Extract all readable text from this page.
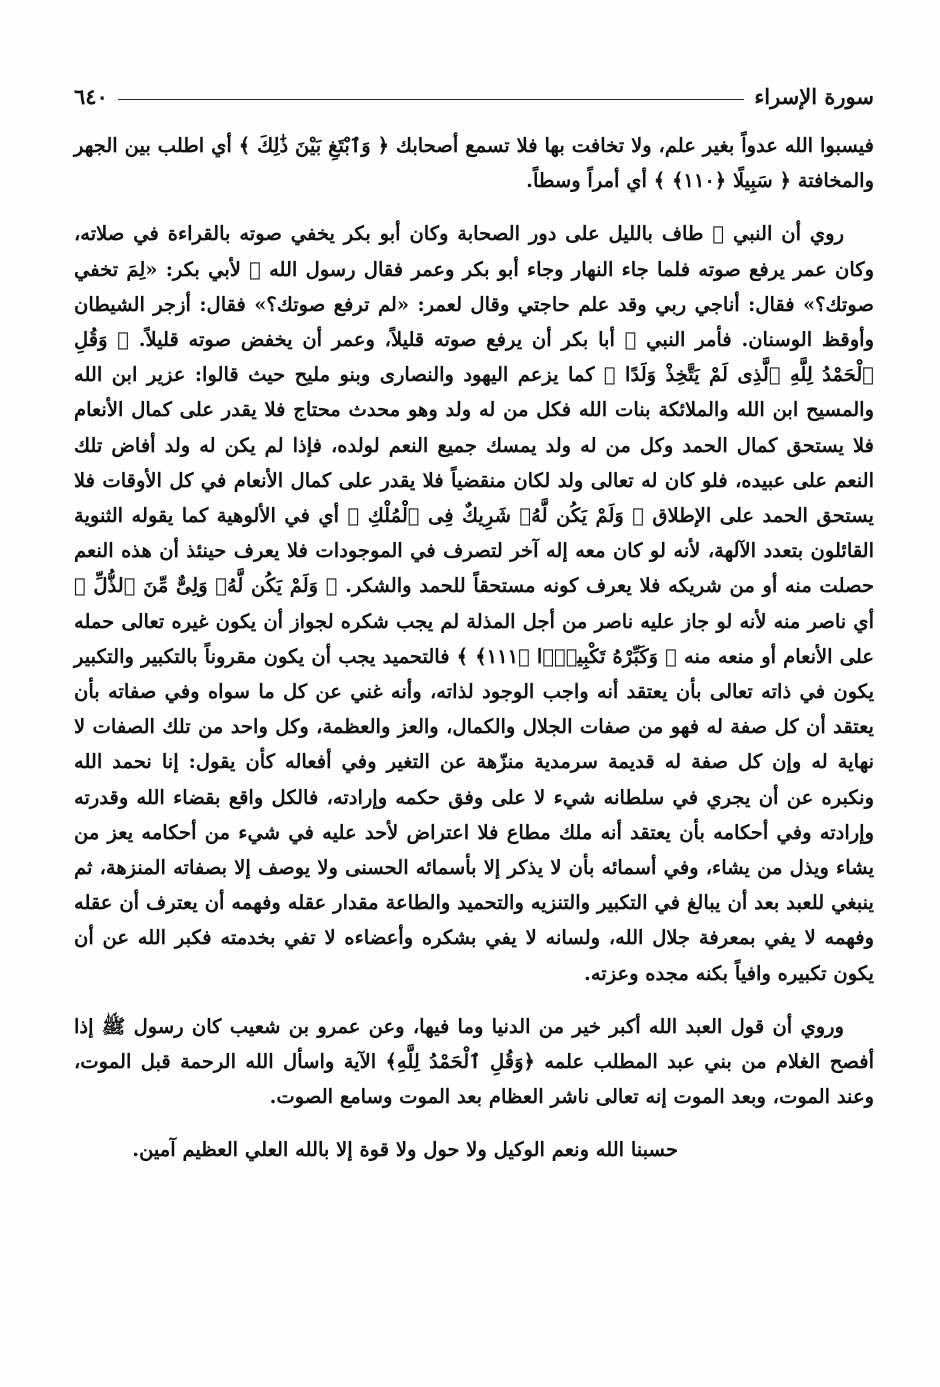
سورة الإسراء
٦٤٠

فيسبوا الله عدواً بغير علم، ولا تخافت بها فلا تسمع أصحابك ﴿ وَٱبْتَغِ بَيْنَ ذَٰلِكَ ﴾ أي اطلب بين الجهر والمخافتة ﴿ سَبِيلًا ﴿١١٠﴾ ﴾ أي أمراً وسطاً.

روي أن النبي ﷺ طاف بالليل على دور الصحابة وكان أبو بكر يخفي صوته بالقراءة في صلاته، وكان عمر يرفع صوته فلما جاء النهار وجاء أبو بكر وعمر فقال رسول الله ﷺ لأبي بكر: «لِمَ تخفي صوتك؟» فقال: أناجي ربي وقد علم حاجتي وقال لعمر: «لم ترفع صوتك؟» فقال: أزجر الشيطان وأوقظ الوسنان. فأمر النبي ﷺ أبا بكر أن يرفع صوته قليلاً، وعمر أن يخفض صوته قليلاً. ﴿ وَقُلِ ٱلْحَمْدُ لِلَّهِ ٱلَّذِى لَمْ يَتَّخِذْ وَلَدًا ﴾ كما يزعم اليهود والنصارى وبنو مليح حيث قالوا: عزير ابن الله والمسيح ابن الله والملائكة بنات الله فكل من له ولد وهو محدث محتاج فلا يقدر على كمال الأنعام فلا يستحق كمال الحمد وكل من له ولد يمسك جميع النعم لولده، فإذا لم يكن له ولد أفاض تلك النعم على عبيده، فلو كان له تعالى ولد لكان منقضياً فلا يقدر على كمال الأنعام في كل الأوقات فلا يستحق الحمد على الإطلاق ﴿ وَلَمْ يَكُن لَّهُۥ شَرِيكٌ فِى ٱلْمُلْكِ ﴾ أي في الألوهية كما يقوله الثنوية القائلون بتعدد الآلهة، لأنه لو كان معه إله آخر لتصرف في الموجودات فلا يعرف حينئذ أن هذه النعم حصلت منه أو من شريكه فلا يعرف كونه مستحقاً للحمد والشكر. ﴿ وَلَمْ يَكُن لَّهُۥ وَلِىٌّ مِّنَ ٱلذُّلِّ ﴾ أي ناصر منه لأنه لو جاز عليه ناصر من أجل المذلة لم يجب شكره لجواز أن يكون غيره تعالى حمله على الأنعام أو منعه منه ﴿ وَكَبِّرْهُ تَكْبِيرًۢا ﴿١١١﴾ ﴾ فالتحميد يجب أن يكون مقروناً بالتكبير والتكبير يكون في ذاته تعالى بأن يعتقد أنه واجب الوجود لذاته، وأنه غني عن كل ما سواه وفي صفاته بأن يعتقد أن كل صفة له فهو من صفات الجلال والكمال، والعز والعظمة، وكل واحد من تلك الصفات لا نهاية له وإن كل صفة له قديمة سرمدية منزّهة عن التغير وفي أفعاله كأن يقول: إنا نحمد الله ونكبره عن أن يجري في سلطانه شيء لا على وفق حكمه وإرادته، فالكل واقع بقضاء الله وقدرته وإرادته وفي أحكامه بأن يعتقد أنه ملك مطاع فلا اعتراض لأحد عليه في شيء من أحكامه يعز من يشاء ويذل من يشاء، وفي أسمائه بأن لا يذكر إلا بأسمائه الحسنى ولا يوصف إلا بصفاته المنزهة، ثم ينبغي للعبد بعد أن يبالغ في التكبير والتنزيه والتحميد والطاعة مقدار عقله وفهمه أن يعترف أن عقله وفهمه لا يفي بمعرفة جلال الله، ولسانه لا يفي بشكره وأعضاءه لا تفي بخدمته فكبر الله عن أن يكون تكبيره وافياً بكنه مجده وعزته.

وروي أن قول العبد الله أكبر خير من الدنيا وما فيها، وعن عمرو بن شعيب كان رسول ﷺ إذا أفصح الغلام من بني عبد المطلب علمه ﴿وَقُلِ ٱلْحَمْدُ لِلَّهِ﴾ الآية واسأل الله الرحمة قبل الموت، وعند الموت، وبعد الموت إنه تعالى ناشر العظام بعد الموت وسامع الصوت.

حسبنا الله ونعم الوكيل ولا حول ولا قوة إلا بالله العلي العظيم آمين.
